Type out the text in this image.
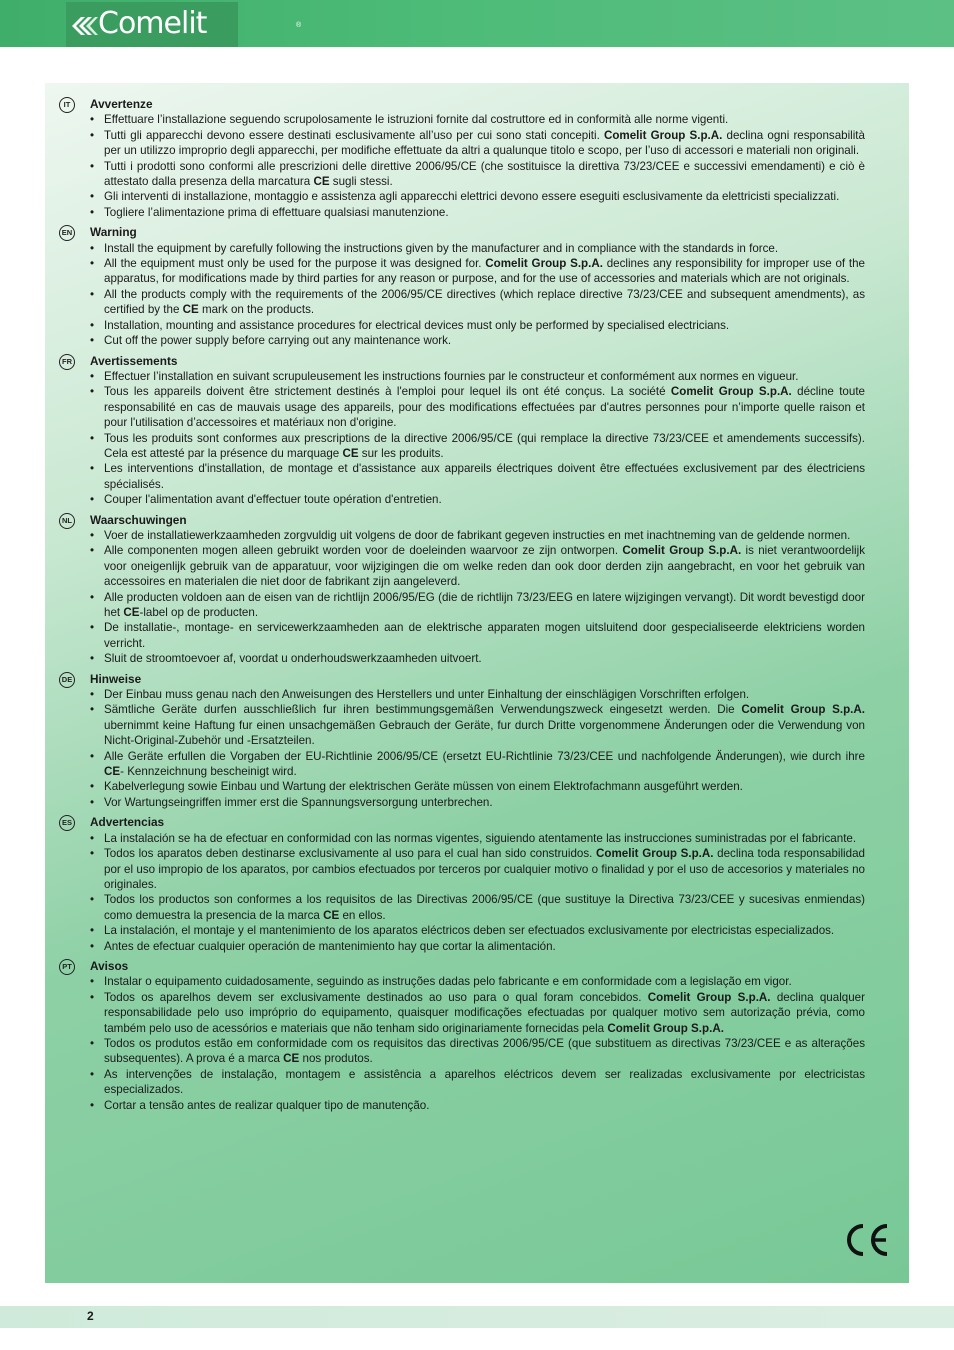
Comelit	®
IT	Avvertenze
• Effettuare l’installazione seguendo scrupolosamente le istruzioni fornite dal costruttore ed in conformità alle norme vigenti.
• Tutti gli apparecchi devono essere destinati esclusivamente all’uso per cui sono stati concepiti. Comelit Group S.p.A. declina ogni responsabilità per un utilizzo improprio degli apparecchi, per modifiche effettuate da altri a qualunque titolo e scopo, per l’uso di accessori e materiali non originali.
• Tutti i prodotti sono conformi alle prescrizioni delle direttive 2006/95/CE (che sostituisce la direttiva 73/23/CEE e successivi emendamenti) e ciò è attestato dalla presenza della marcatura CE sugli stessi.
• Gli interventi di installazione, montaggio e assistenza agli apparecchi elettrici devono essere eseguiti esclusivamente da elettricisti specializzati.
• Togliere l’alimentazione prima di effettuare qualsiasi manutenzione.
EN Warning
• Install the equipment by carefully following the instructions given by the manufacturer and in compliance with the standards in force.
• All the equipment must only be used for the purpose it was designed for. Comelit Group S.p.A. declines any responsibility for improper use of the apparatus, for modifications made by third parties for any reason or purpose, and for the use of accessories and materials which are not originals.
• All the products comply with the requirements of the 2006/95/CE directives (which replace directive 73/23/CEE and subsequent amendments), as certified by the CE mark on the products.
• Installation, mounting and assistance procedures for electrical devices must only be performed by specialised electricians.
• Cut off the power supply before carrying out any maintenance work.
FR Avertissements
• Effectuer l’installation en suivant scrupuleusement les instructions fournies par le constructeur et conformément aux normes en vigueur.
• Tous les appareils doivent être strictement destinés à l'emploi pour lequel ils ont été conçus. La société Comelit Group S.p.A. décline toute responsabilité en cas de mauvais usage des appareils, pour des modifications effectuées par d'autres personnes pour n’importe quelle raison et pour l'utilisation d’accessoires et matériaux non d'origine.
• Tous les produits sont conformes aux prescriptions de la directive 2006/95/CE (qui remplace la directive 73/23/CEE et amendements successifs). Cela est attesté par la présence du marquage CE sur les produits.
• Les interventions d'installation, de montage et d'assistance aux appareils électriques doivent être effectuées exclusivement par des électriciens spécialisés.
• Couper l'alimentation avant d'effectuer toute opération d'entretien.
NL Waarschuwingen
• Voer de installatiewerkzaamheden zorgvuldig uit volgens de door de fabrikant gegeven instructies en met inachtneming van de geldende normen.
• Alle componenten mogen alleen gebruikt worden voor de doeleinden waarvoor ze zijn ontworpen. Comelit Group S.p.A. is niet verantwoordelijk voor oneigenlijk gebruik van de apparatuur, voor wijzigingen die om welke reden dan ook door derden zijn aangebracht, en voor het gebruik van accessoires en materialen die niet door de fabrikant zijn aangeleverd.
• Alle producten voldoen aan de eisen van de richtlijn 2006/95/EG (die de richtlijn 73/23/EEG en latere wijzigingen vervangt). Dit wordt bevestigd door het CE-label op de producten.
• De installatie-, montage- en servicewerkzaamheden aan de elektrische apparaten mogen uitsluitend door gespecialiseerde elektriciens worden verricht.
• Sluit de stroomtoevoer af, voordat u onderhoudswerkzaamheden uitvoert.
DE Hinweise
• Der Einbau muss genau nach den Anweisungen des Herstellers und unter Einhaltung der einschlägigen Vorschriften erfolgen.
• Sämtliche Geräte durfen ausschließlich fur ihren bestimmungsgemäßen Verwendungszweck eingesetzt werden. Die Comelit Group S.p.A. ubernimmt keine Haftung fur einen unsachgemäßen Gebrauch der Geräte, fur durch Dritte vorgenommene Änderungen oder die Verwendung von Nicht-Original-Zubehör und -Ersatzteilen.
• Alle Geräte erfullen die Vorgaben der EU-Richtlinie 2006/95/CE (ersetzt EU-Richtlinie 73/23/CEE und nachfolgende Änderungen), wie durch ihre CE- Kennzeichnung bescheinigt wird.
• Kabelverlegung sowie Einbau und Wartung der elektrischen Geräte müssen von einem Elektrofachmann ausgeführt werden.
• Vor Wartungseingriffen immer erst die Spannungsversorgung unterbrechen.
ES Advertencias
• La instalación se ha de efectuar en conformidad con las normas vigentes, siguiendo atentamente las instrucciones suministradas por el fabricante.
• Todos los aparatos deben destinarse exclusivamente al uso para el cual han sido construidos. Comelit Group S.p.A. declina toda responsabilidad por el uso impropio de los aparatos, por cambios efectuados por terceros por cualquier motivo o finalidad y por el uso de accesorios y materiales no originales.
• Todos los productos son conformes a los requisitos de las Directivas 2006/95/CE (que sustituye la Directiva 73/23/CEE y sucesivas enmiendas) como demuestra la presencia de la marca CE en ellos.
• La instalación, el montaje y el mantenimiento de los aparatos eléctricos deben ser efectuados exclusivamente por electricistas especializados.
• Antes de efectuar cualquier operación de mantenimiento hay que cortar la alimentación.
PT Avisos
• Instalar o equipamento cuidadosamente, seguindo as instruções dadas pelo fabricante e em conformidade com a legislação em vigor.
• Todos os aparelhos devem ser exclusivamente destinados ao uso para o qual foram concebidos. Comelit Group S.p.A. declina qualquer responsabilidade pelo uso impróprio do equipamento, quaisquer modificações efectuadas por qualquer motivo sem autorização prévia, como também pelo uso de acessórios e materiais que não tenham sido originariamente fornecidas pela Comelit Group S.p.A.
• Todos os produtos estão em conformidade com os requisitos das directivas 2006/95/CE (que substituem as directivas 73/23/CEE e as alterações subsequentes). A prova é a marca CE nos produtos.
• As intervenções de instalação, montagem e assistência a aparelhos eléctricos devem ser realizadas exclusivamente por electricistas especializados.
• Cortar a tensão antes de realizar qualquer tipo de manutenção.
2
